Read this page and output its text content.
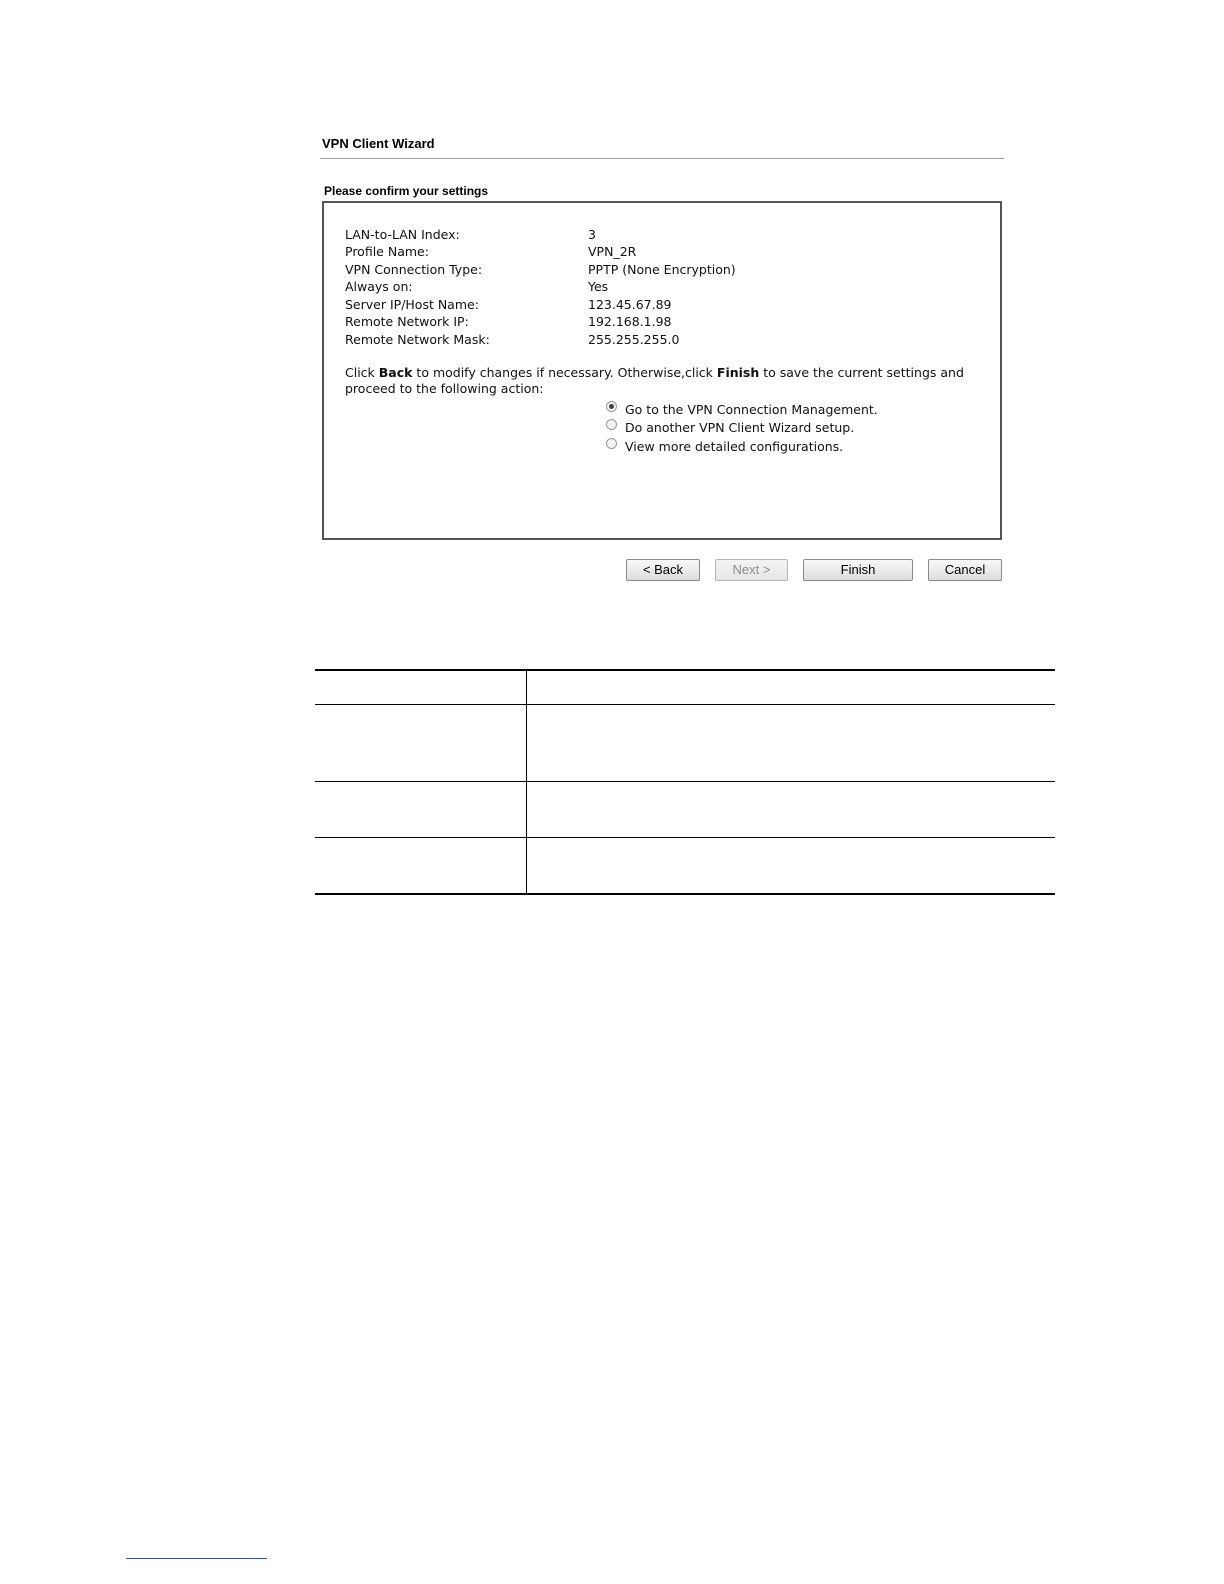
VPN Client Wizard
Please confirm your settings
LAN-to-LAN Index:	3
Profile Name:	VPN_2R
VPN Connection Type:	PPTP (None Encryption)
Always on:	Yes
Server IP/Host Name:	123.45.67.89
Remote Network IP:	192.168.1.98
Remote Network Mask:	255.255.255.0
Click Back to modify changes if necessary. Otherwise,click Finish to save the current settings and proceed to the following action:
Go to the VPN Connection Management.
Do another VPN Client Wizard setup.
View more detailed configurations.
< Back	Next >	Finish	Cancel
